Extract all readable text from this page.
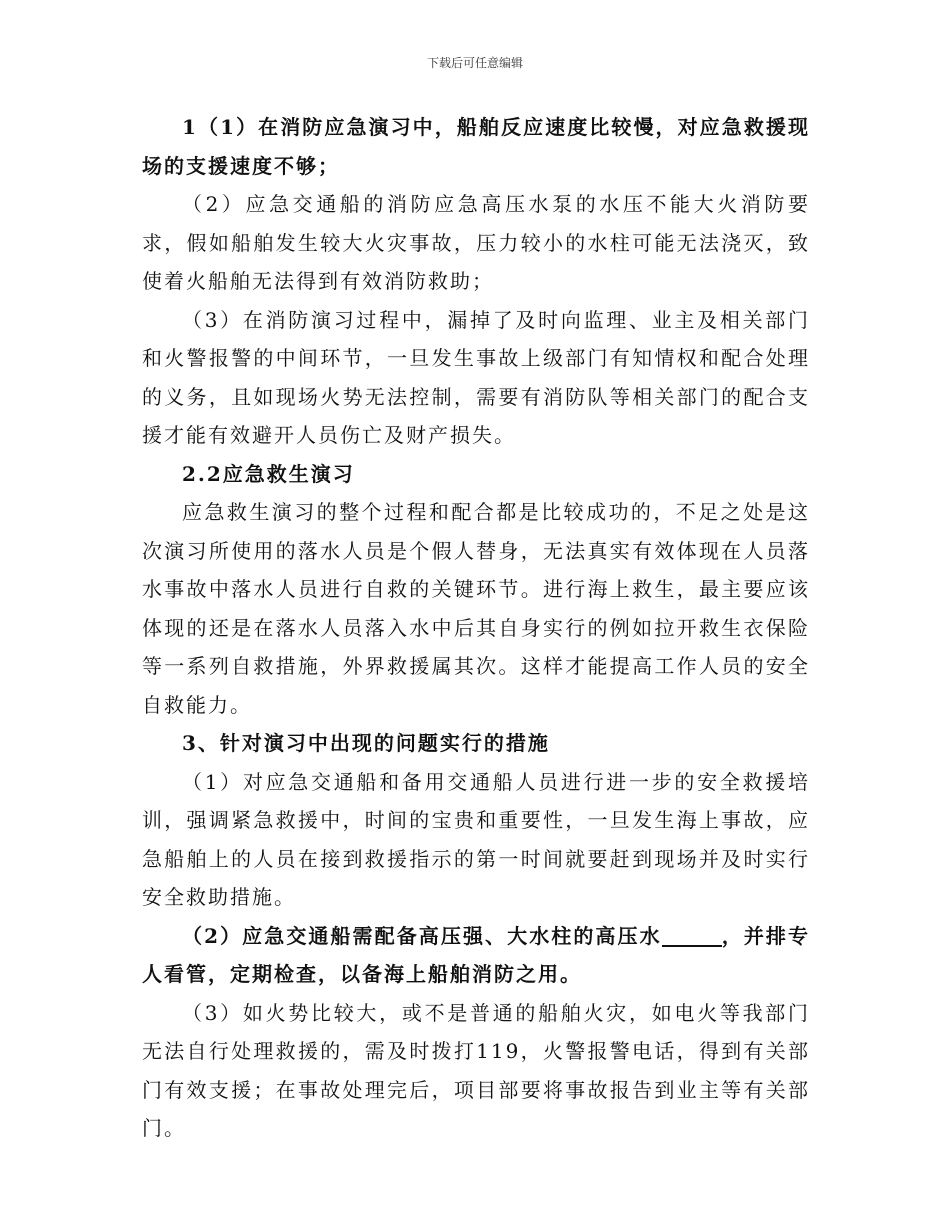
下载后可任意编辑

1（1）在消防应急演习中，船舶反应速度比较慢，对应急救援现场的支援速度不够；

（2）应急交通船的消防应急高压水泵的水压不能大火消防要求，假如船舶发生较大火灾事故，压力较小的水柱可能无法浇灭，致使着火船舶无法得到有效消防救助；

（3）在消防演习过程中，漏掉了及时向监理、业主及相关部门和火警报警的中间环节，一旦发生事故上级部门有知情权和配合处理的义务，且如现场火势无法控制，需要有消防队等相关部门的配合支援才能有效避开人员伤亡及财产损失。

2.2应急救生演习

应急救生演习的整个过程和配合都是比较成功的，不足之处是这次演习所使用的落水人员是个假人替身，无法真实有效体现在人员落水事故中落水人员进行自救的关键环节。进行海上救生，最主要应该体现的还是在落水人员落入水中后其自身实行的例如拉开救生衣保险等一系列自救措施，外界救援属其次。这样才能提高工作人员的安全自救能力。

3、针对演习中出现的问题实行的措施

（1）对应急交通船和备用交通船人员进行进一步的安全救援培训，强调紧急救援中，时间的宝贵和重要性，一旦发生海上事故，应急船舶上的人员在接到救援指示的第一时间就要赶到现场并及时实行安全救助措施。

（2）应急交通船需配备高压强、大水柱的高压水	，并排专人看管，定期检查，以备海上船舶消防之用。

（3）如火势比较大，或不是普通的船舶火灾，如电火等我部门无法自行处理救援的，需及时拨打119，火警报警电话，得到有关部门有效支援；在事故处理完后，项目部要将事故报告到业主等有关部门。
